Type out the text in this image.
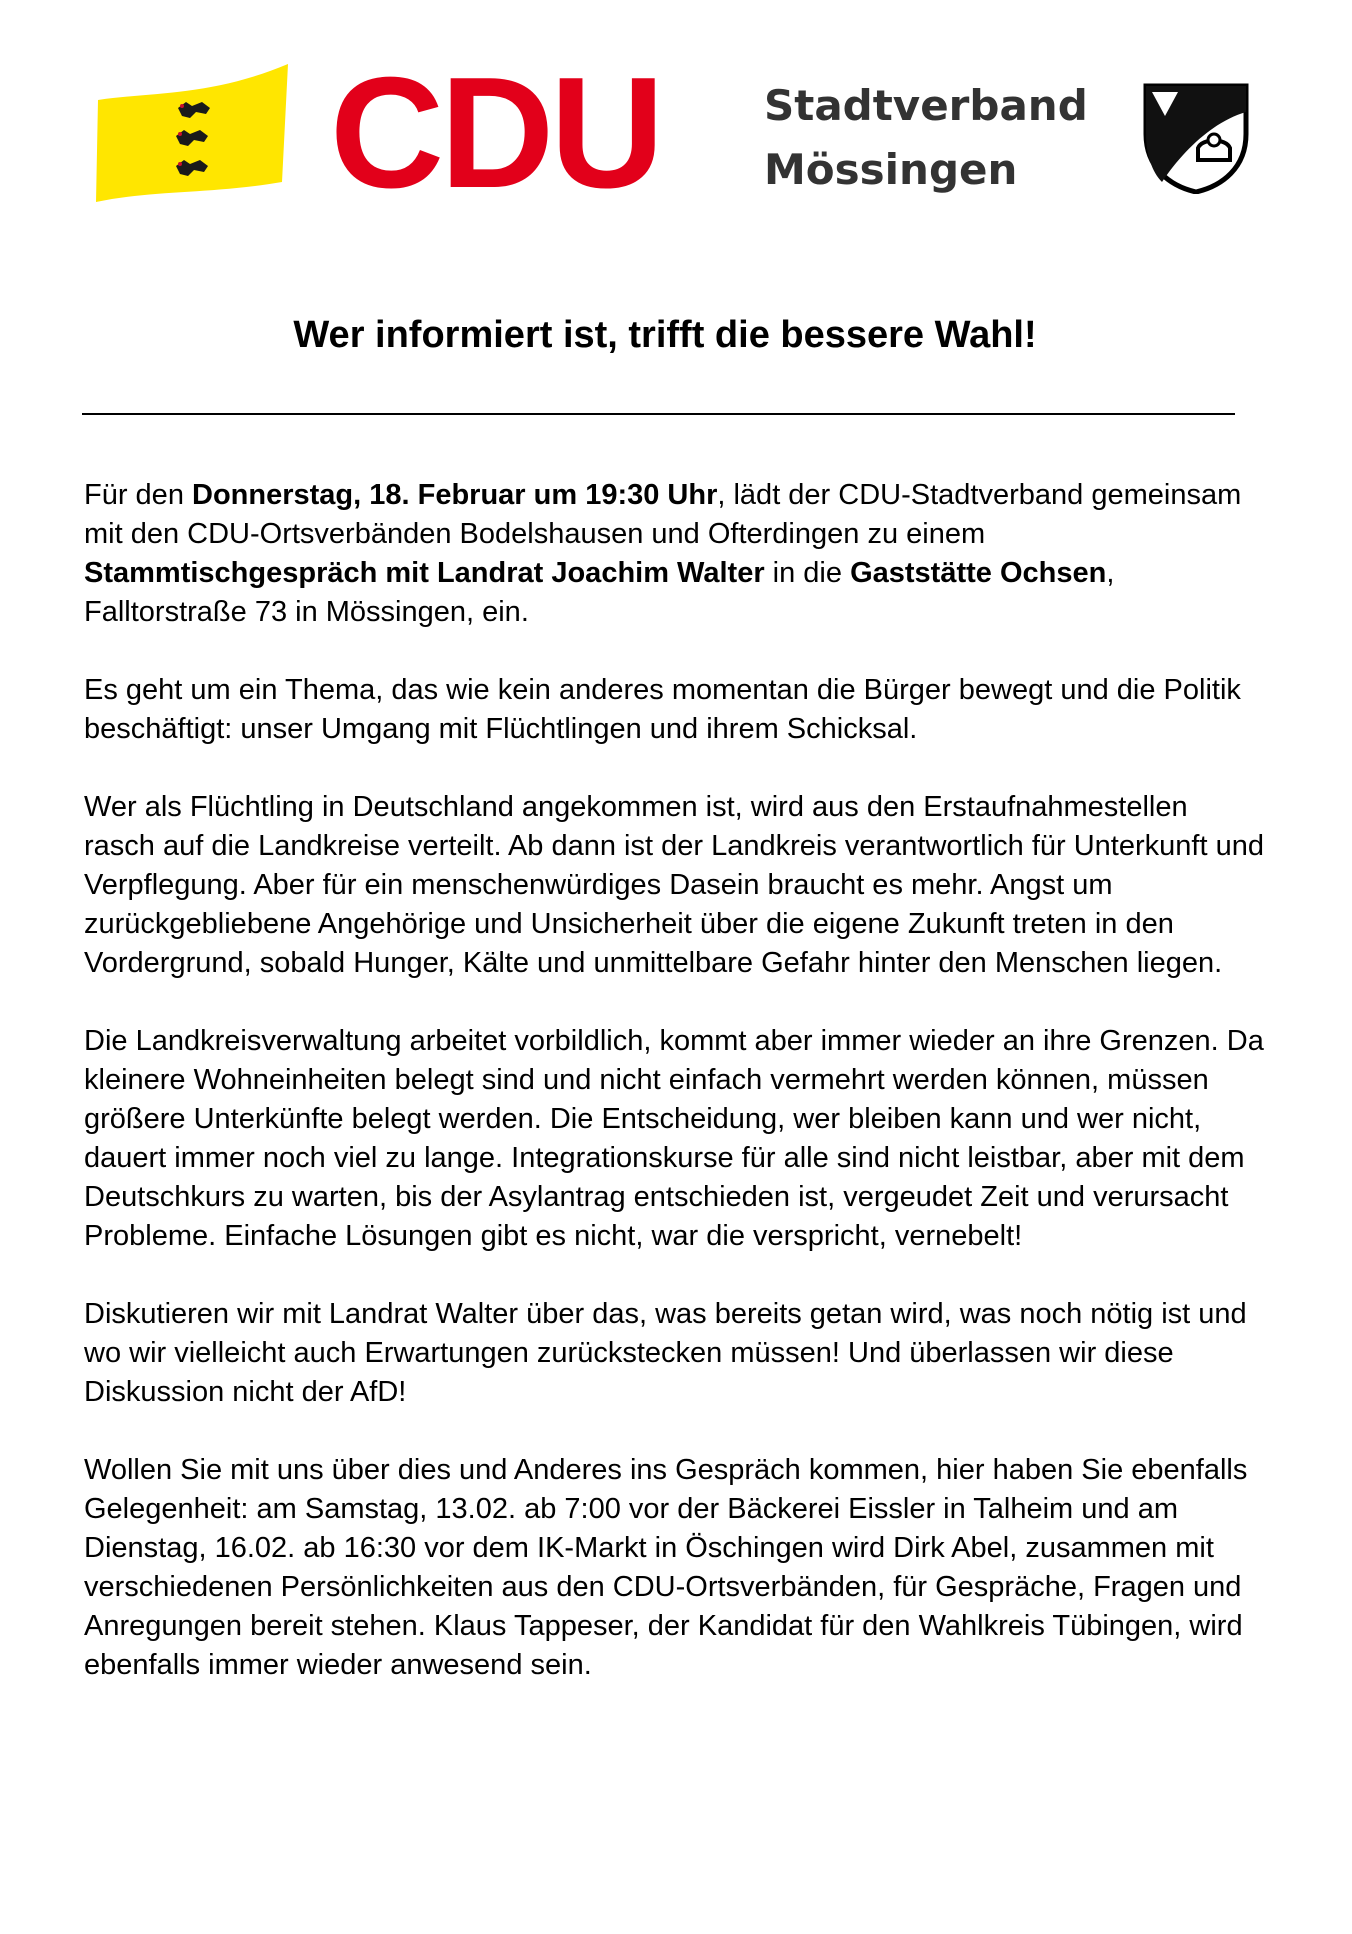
CDU Stadtverband
Mössingen
Wer informiert ist, trifft die bessere Wahl!

Für den Donnerstag, 18. Februar um 19:30 Uhr, lädt der CDU-Stadtverband gemeinsam mit den CDU-Ortsverbänden Bodelshausen und Ofterdingen zu einem Stammtischgespräch mit Landrat Joachim Walter in die Gaststätte Ochsen, Falltorstraße 73 in Mössingen, ein.

Es geht um ein Thema, das wie kein anderes momentan die Bürger bewegt und die Politik beschäftigt: unser Umgang mit Flüchtlingen und ihrem Schicksal.

Wer als Flüchtling in Deutschland angekommen ist, wird aus den Erstaufnahmestellen rasch auf die Landkreise verteilt. Ab dann ist der Landkreis verantwortlich für Unterkunft und Verpflegung. Aber für ein menschenwürdiges Dasein braucht es mehr. Angst um zurückgebliebene Angehörige und Unsicherheit über die eigene Zukunft treten in den Vordergrund, sobald Hunger, Kälte und unmittelbare Gefahr hinter den Menschen liegen.

Die Landkreisverwaltung arbeitet vorbildlich, kommt aber immer wieder an ihre Grenzen. Da kleinere Wohneinheiten belegt sind und nicht einfach vermehrt werden können, müssen größere Unterkünfte belegt werden. Die Entscheidung, wer bleiben kann und wer nicht, dauert immer noch viel zu lange. Integrationskurse für alle sind nicht leistbar, aber mit dem Deutschkurs zu warten, bis der Asylantrag entschieden ist, vergeudet Zeit und verursacht Probleme. Einfache Lösungen gibt es nicht, war die verspricht, vernebelt!

Diskutieren wir mit Landrat Walter über das, was bereits getan wird, was noch nötig ist und wo wir vielleicht auch Erwartungen zurückstecken müssen! Und überlassen wir diese Diskussion nicht der AfD!

Wollen Sie mit uns über dies und Anderes ins Gespräch kommen, hier haben Sie ebenfalls Gelegenheit: am Samstag, 13.02. ab 7:00 vor der Bäckerei Eissler in Talheim und am Dienstag, 16.02. ab 16:30 vor dem IK-Markt in Öschingen wird Dirk Abel, zusammen mit verschiedenen Persönlichkeiten aus den CDU-Ortsverbänden, für Gespräche, Fragen und Anregungen bereit stehen. Klaus Tappeser, der Kandidat für den Wahlkreis Tübingen, wird ebenfalls immer wieder anwesend sein.
